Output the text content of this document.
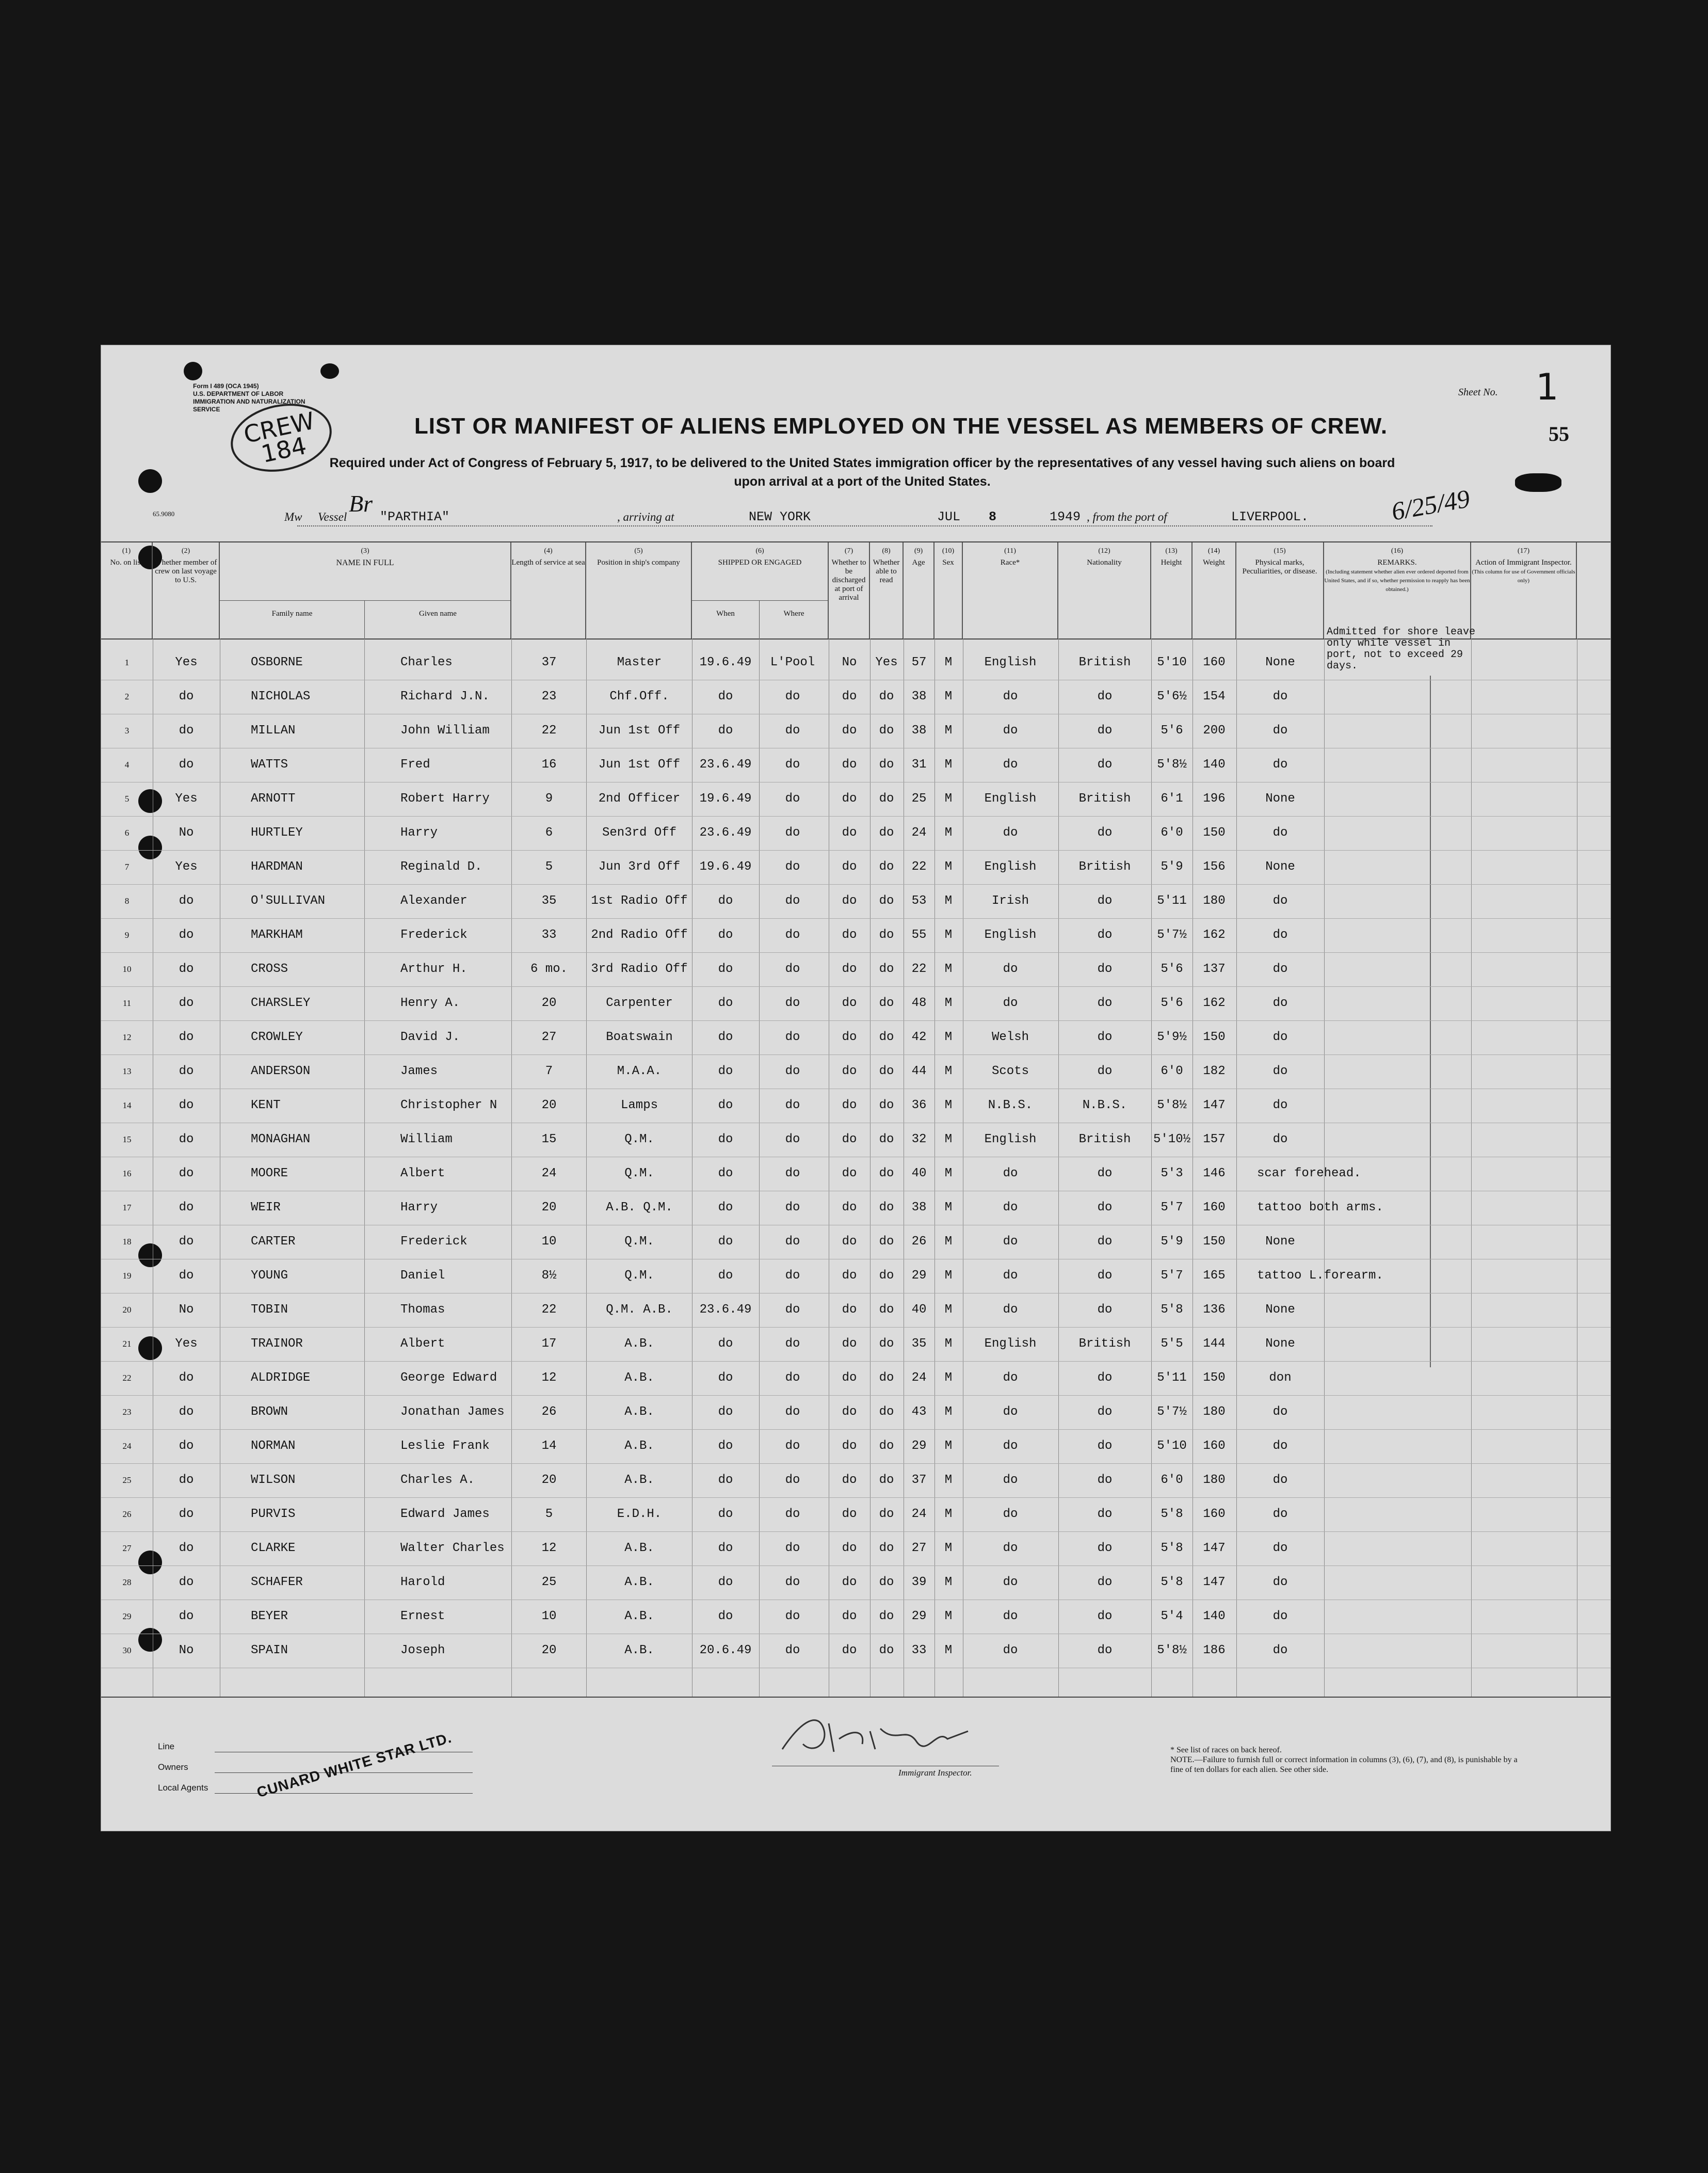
Form I 489 (OCA 1945)
U.S. DEPARTMENT OF LABOR
IMMIGRATION AND NATURALIZATION SERVICE
65.9080
CREW 184
Sheet No. 1
55
LIST OR MANIFEST OF ALIENS EMPLOYED ON THE VESSEL AS MEMBERS OF CREW.
Required under Act of Congress of February 5, 1917, to be delivered to the United States immigration officer by the representatives of any vessel having such aliens on board
upon arrival at a port of the United States.
Mw Vessel
Br
"PARTHIA"	, arriving at	NEW YORK	JUL 8	1949 , from the port of	LIVERPOOL.	6/25/49
(1)
No. on list
(2)
Whether member of crew on last voyage to U.S.
(3)
NAME IN FULL
Family name	Given name
(4)
Length of service at sea
(5)
Position in ship's company
(6)
SHIPPED OR ENGAGED
When	Where
(7)
Whether to be discharged at port of arrival
(8)
Whether able to read
(9)
Age
(10)
Sex
(11)
Race*
(12)
Nationality
(13)
Height
(14)
Weight
(15)
Physical marks, Peculiarities, or disease.
(16)
REMARKS.
(Including statement whether alien ever ordered deported from United States, and if so, whether permission to reapply has been obtained.)
(17)
Action of Immigrant Inspector.
(This column for use of Government officials only)
Admitted for shore leave only while vessel in port, not to exceed 29 days.
1	Yes	OSBORNE	Charles	37	Master	19.6.49	L'Pool	No	Yes	57	M	English	British	5'10	160	None
2	do	NICHOLAS	Richard J.N.	23	Chf.Off.	do	do	do	do	38	M	do	do	5'6½	154	do
3	do	MILLAN	John William	22	Jun 1st Off	do	do	do	do	38	M	do	do	5'6	200	do
4	do	WATTS	Fred	16	Jun 1st Off	23.6.49	do	do	do	31	M	do	do	5'8½	140	do
5	Yes	ARNOTT	Robert Harry	9	2nd Officer	19.6.49	do	do	do	25	M	English	British	6'1	196	None
6	No	HURTLEY	Harry	6	Sen3rd Off	23.6.49	do	do	do	24	M	do	do	6'0	150	do
7	Yes	HARDMAN	Reginald D.	5	Jun 3rd Off	19.6.49	do	do	do	22	M	English	British	5'9	156	None
8	do	O'SULLIVAN	Alexander	35	1st Radio Off	do	do	do	do	53	M	Irish	do	5'11	180	do
9	do	MARKHAM	Frederick	33	2nd Radio Off	do	do	do	do	55	M	English	do	5'7½	162	do
10	do	CROSS	Arthur H.	6 mo.	3rd Radio Off	do	do	do	do	22	M	do	do	5'6	137	do
11	do	CHARSLEY	Henry A.	20	Carpenter	do	do	do	do	48	M	do	do	5'6	162	do
12	do	CROWLEY	David J.	27	Boatswain	do	do	do	do	42	M	Welsh	do	5'9½	150	do
13	do	ANDERSON	James	7	M.A.A.	do	do	do	do	44	M	Scots	do	6'0	182	do
14	do	KENT	Christopher N	20	Lamps	do	do	do	do	36	M	N.B.S.	N.B.S.	5'8½	147	do
15	do	MONAGHAN	William	15	Q.M.	do	do	do	do	32	M	English	British	5'10½	157	do
16	do	MOORE	Albert	24	Q.M.	do	do	do	do	40	M	do	do	5'3	146	scar forehead.
17	do	WEIR	Harry	20	A.B. Q.M.	do	do	do	do	38	M	do	do	5'7	160	tattoo both arms.
18	do	CARTER	Frederick	10	Q.M.	do	do	do	do	26	M	do	do	5'9	150	None
19	do	YOUNG	Daniel	8½	Q.M.	do	do	do	do	29	M	do	do	5'7	165	tattoo L.forearm.
20	No	TOBIN	Thomas	22	Q.M. A.B.	23.6.49	do	do	do	40	M	do	do	5'8	136	None
21	Yes	TRAINOR	Albert	17	A.B.	do	do	do	do	35	M	English	British	5'5	144	None
22	do	ALDRIDGE	George Edward	12	A.B.	do	do	do	do	24	M	do	do	5'11	150	don
23	do	BROWN	Jonathan James	26	A.B.	do	do	do	do	43	M	do	do	5'7½	180	do
24	do	NORMAN	Leslie Frank	14	A.B.	do	do	do	do	29	M	do	do	5'10	160	do
25	do	WILSON	Charles A.	20	A.B.	do	do	do	do	37	M	do	do	6'0	180	do
26	do	PURVIS	Edward James	5	E.D.H.	do	do	do	do	24	M	do	do	5'8	160	do
27	do	CLARKE	Walter Charles	12	A.B.	do	do	do	do	27	M	do	do	5'8	147	do
28	do	SCHAFER	Harold	25	A.B.	do	do	do	do	39	M	do	do	5'8	147	do
29	do	BEYER	Ernest	10	A.B.	do	do	do	do	29	M	do	do	5'4	140	do
30	No	SPAIN	Joseph	20	A.B.	20.6.49	do	do	do	33	M	do	do	5'8½	186	do
Line
Owners
Local Agents	CUNARD WHITE STAR LTD.	Immigrant Inspector.
* See list of races on back hereof.
NOTE.—Failure to furnish full or correct information in columns (3), (6), (7), and (8), is punishable by a fine of ten dollars for each alien. See other side.
